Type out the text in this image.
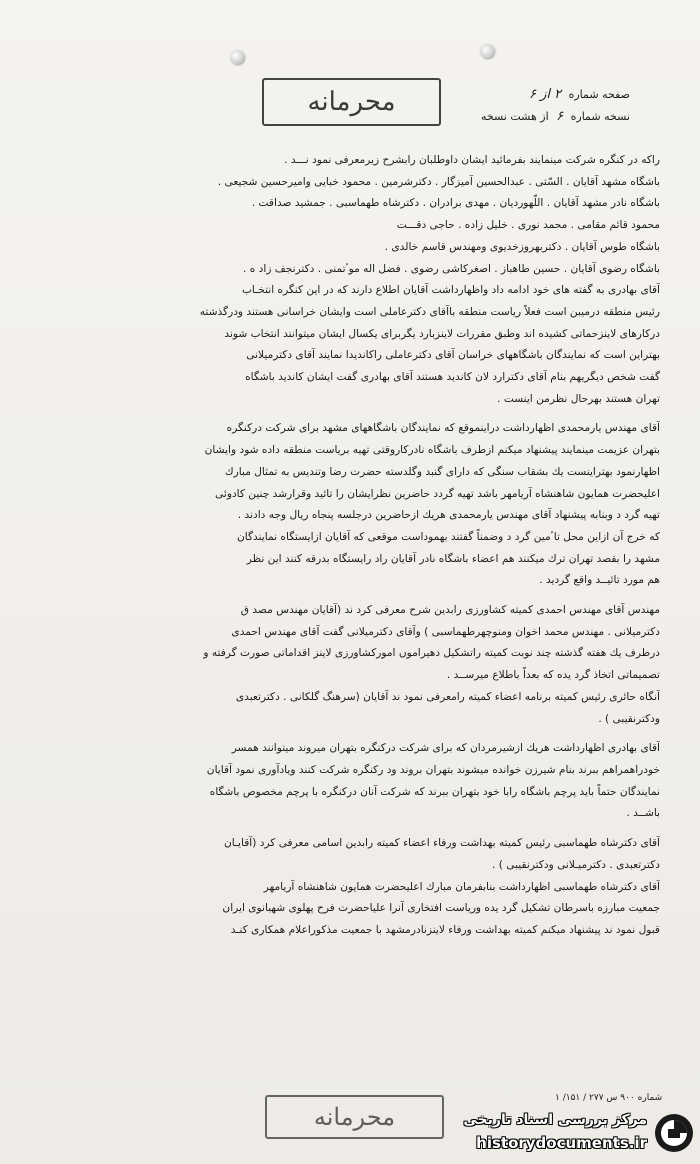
محرمانه	صفحه شماره ۲ از ۶
نسخه شماره ۶ از هشت نسخه

راکه در کنگره شرکت مینمایند بفرمائید ایشان داوطلبان رابشرح زیرمعرفی نمود نـــد .

باشگاه مشهد آقایان . السّتی . عبدالحسین آمیزگار . دکترشرمین . محمود خبایی وامیرحسین شجیعی .

باشگاه نادر مشهد آقایان . اللّهوردیان . مهدی برادران . دکترشاه طهماسبی . جمشید صداقت .

محمود قائم مقامی . محمد نوری . خلیل زاده . حاجی دقـــت

باشگاه طوس آقایان . دکتربهروزخدیوی ومهندس قاسم خالدی .

باشگاه رضوی آقایان . حسین طاهباز . اصغرکاشی رضوی . فضل اله موٴتمنی . دکترنجف زاد ه .

آقای بهادری به گفته های خود ادامه داد واظهارداشت آقایان اطلاع دارند که در این کنگره انتخـاب

رئیس منطقه درمیبن است فعلاً ریاست منطقه باآقای دکترعاملی است وایشان خراسانی هستند ودرگذشته

درکارهای لاینزحماتی کشیده اند وطبق مقررات لاینزبارد یگربرای یکسال ایشان میتوانند انتخاب شوند

بهتراین است که نمایندگان باشگاههای خراسان آقای دکترعاملی راکاندیدا نمایند آقای دکترمیلانی

گفت شخص دیگریهم بنام آقای دکترارد لان کاندید هستند آقای بهادری گفت ایشان کاندید باشگاه

تهران هستند بهرحال نظرمن اینست .

آقای مهندس یارمحمدی اظهارداشت دراینموقع که نمایندگان باشگاههای مشهد برای شرکت درکنگره

بتهران عزیمت مینمایند پیشنهاد میکنم ازطرف باشگاه نادرکاروقتی تهیه بریاست منطقه داده شود وایشان

اظهارنمود بهتراینست یك بشقاب سنگی که دارای گنبد وگلدسته حضرت رضا وتندیس به تمثال مبارك

اعلیحضرت همایون شاهنشاه آریامهر باشد تهیه گردد حاضرین نظرایشان را تائید وقرارشد چنین کادوئی

تهیه گرد د وبنابه پیشنهاد آقای مهندس یارمحمدی هریك ازحاضرین درجلسه پنجاه ریال وجه دادند .

که خرج آن ازاین محل تاٴمین گرد د وضمناً گفتند بهموداست موقعی که آقایان ازایستگاه نمایندگان

مشهد را بقصد تهران ترك میکنند هم اعضاء باشگاه نادر آقایان راد رایستگاه بدرقه کنند این نظر

هم مورد تائیــد واقع گردید .

مهندس آقای مهندس احمدی کمیته کشاورزی رابدین شرح معرفی کرد ند (آقایان مهندس مصد ق

دکترمیلانی . مهندس محمد اخوان ومنوچهرطهماسبی ) وآقای دکترمیلانی گفت آقای مهندس احمدی

درطرف یك هفته گذشته چند نوبت کمیته راتشکیل دهیراموں امورکشاورزی لاینز اقداماتی صورت گرفته و

تصمیماتی اتخاذ گرد یده که بعداً باطلاع میرســد .

آنگاه حائری رئیس کمیته برنامه اعضاء کمیته رامعرفی نمود ند آقایان (سرهنگ گلکانی . دکترتعبدی

ودکترنقیبی ) .

آقای بهادری اظهارداشت هریك ازشیرمردان که برای شرکت درکنگره بتهران میروند میتوانند همسر

خودراهمراهم ببرند بنام شیرزن خوانده میشوند بتهران بروند ود رکنگره شرکت کنند ویادآوری نمود آقایان

نمایندگان حتماً باید پرچم باشگاه رابا خود بتهران ببرند که شرکت آنان درکنگره با پرچم مخصوص باشگاه

باشــد .

آقای دکترشاه طهماسبی رئیس کمیته بهداشت ورفاء اعضاء کمیته رابدین اسامی معرفی کرد (آقایـان

دکترتعبدی . دکترمیـلانی ودکترنقیبی ) .

آقای دکترشاه طهماسبی اظهارداشت بنابفرمان مبارك اعلیحضرت همایون شاهنشاه آریامهر

جمعیت مبارزه باسرطان تشکیل گرد یده وریاست افتخاری آنرا علیاحضرت فرح پهلوی شهبانوی ایران

قبول نمود ند پیشنهاد میکنم کمیته بهداشت ورفاء لاینزنادرمشهد با جمعیت مذکوراعلام همکاری کنـد

شماره ۹۰۰ س ۲۷۷ / ۱۵۱/ ۱
محرمانه	مرکز بررسی اسناد تاریخی
historydocuments.ir
